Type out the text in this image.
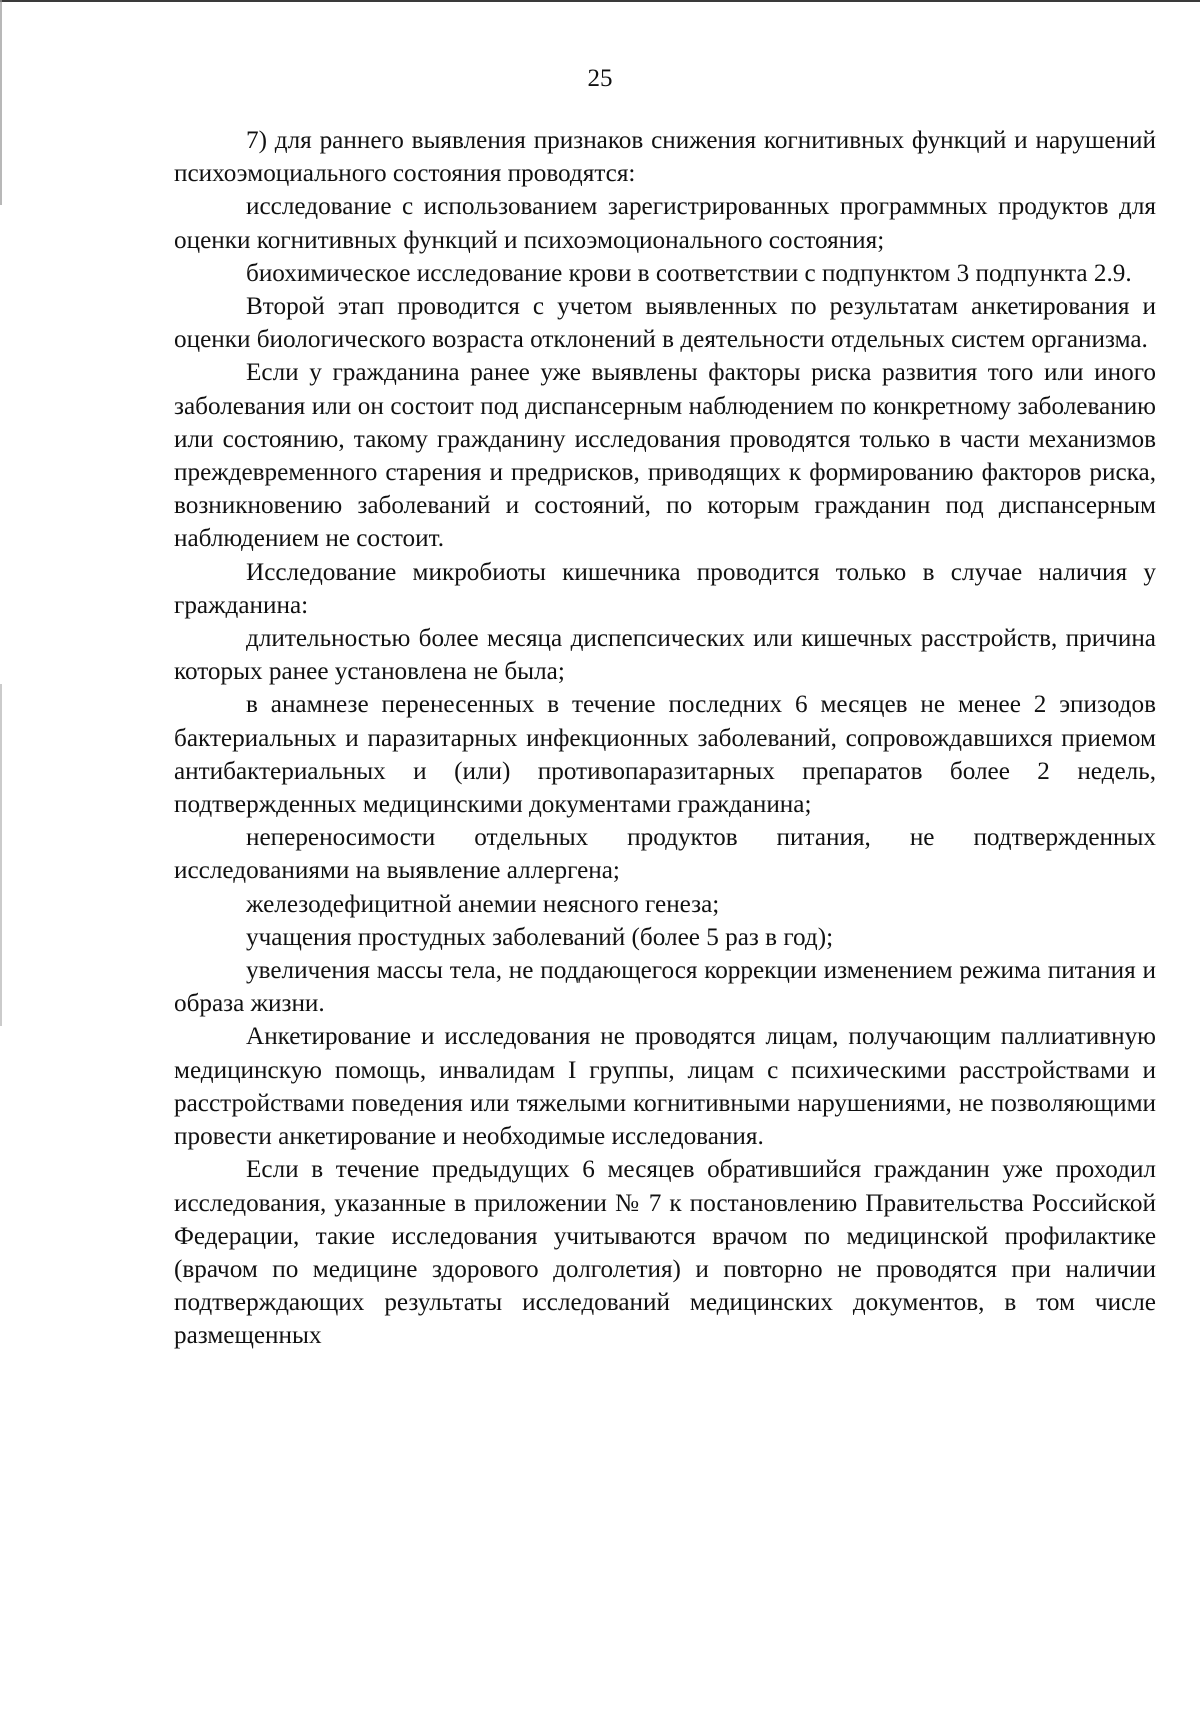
25

7) для раннего выявления признаков снижения когнитивных функций и нарушений психоэмоциального состояния проводятся:

исследование с использованием зарегистрированных программных продуктов для оценки когнитивных функций и психоэмоционального состояния;

биохимическое исследование крови в соответствии с подпунктом 3 подпункта 2.9.

Второй этап проводится с учетом выявленных по результатам анкетирования и оценки биологического возраста отклонений в деятельности отдельных систем организма.

Если у гражданина ранее уже выявлены факторы риска развития того или иного заболевания или он состоит под диспансерным наблюдением по конкретному заболеванию или состоянию, такому гражданину исследования проводятся только в части механизмов преждевременного старения и предрисков, приводящих к формированию факторов риска, возникновению заболеваний и состояний, по которым гражданин под диспансерным наблюдением не состоит.

Исследование микробиоты кишечника проводится только в случае наличия у гражданина:

длительностью более месяца диспепсических или кишечных расстройств, причина которых ранее установлена не была;

в анамнезе перенесенных в течение последних 6 месяцев не менее 2 эпизодов бактериальных и паразитарных инфекционных заболеваний, сопровождавшихся приемом антибактериальных и (или) противопаразитарных препаратов более 2 недель, подтвержденных медицинскими документами гражданина;

непереносимости отдельных продуктов питания, не подтвержденных исследованиями на выявление аллергена;

железодефицитной анемии неясного генеза;

учащения простудных заболеваний (более 5 раз в год);

увеличения массы тела, не поддающегося коррекции изменением режима питания и образа жизни.

Анкетирование и исследования не проводятся лицам, получающим паллиативную медицинскую помощь, инвалидам I группы, лицам с психическими расстройствами и расстройствами поведения или тяжелыми когнитивными нарушениями, не позволяющими провести анкетирование и необходимые исследования.

Если в течение предыдущих 6 месяцев обратившийся гражданин уже проходил исследования, указанные в приложении № 7 к постановлению Правительства Российской Федерации, такие исследования учитываются врачом по медицинской профилактике (врачом по медицине здорового долголетия) и повторно не проводятся при наличии подтверждающих результаты исследований медицинских документов, в том числе размещенных
